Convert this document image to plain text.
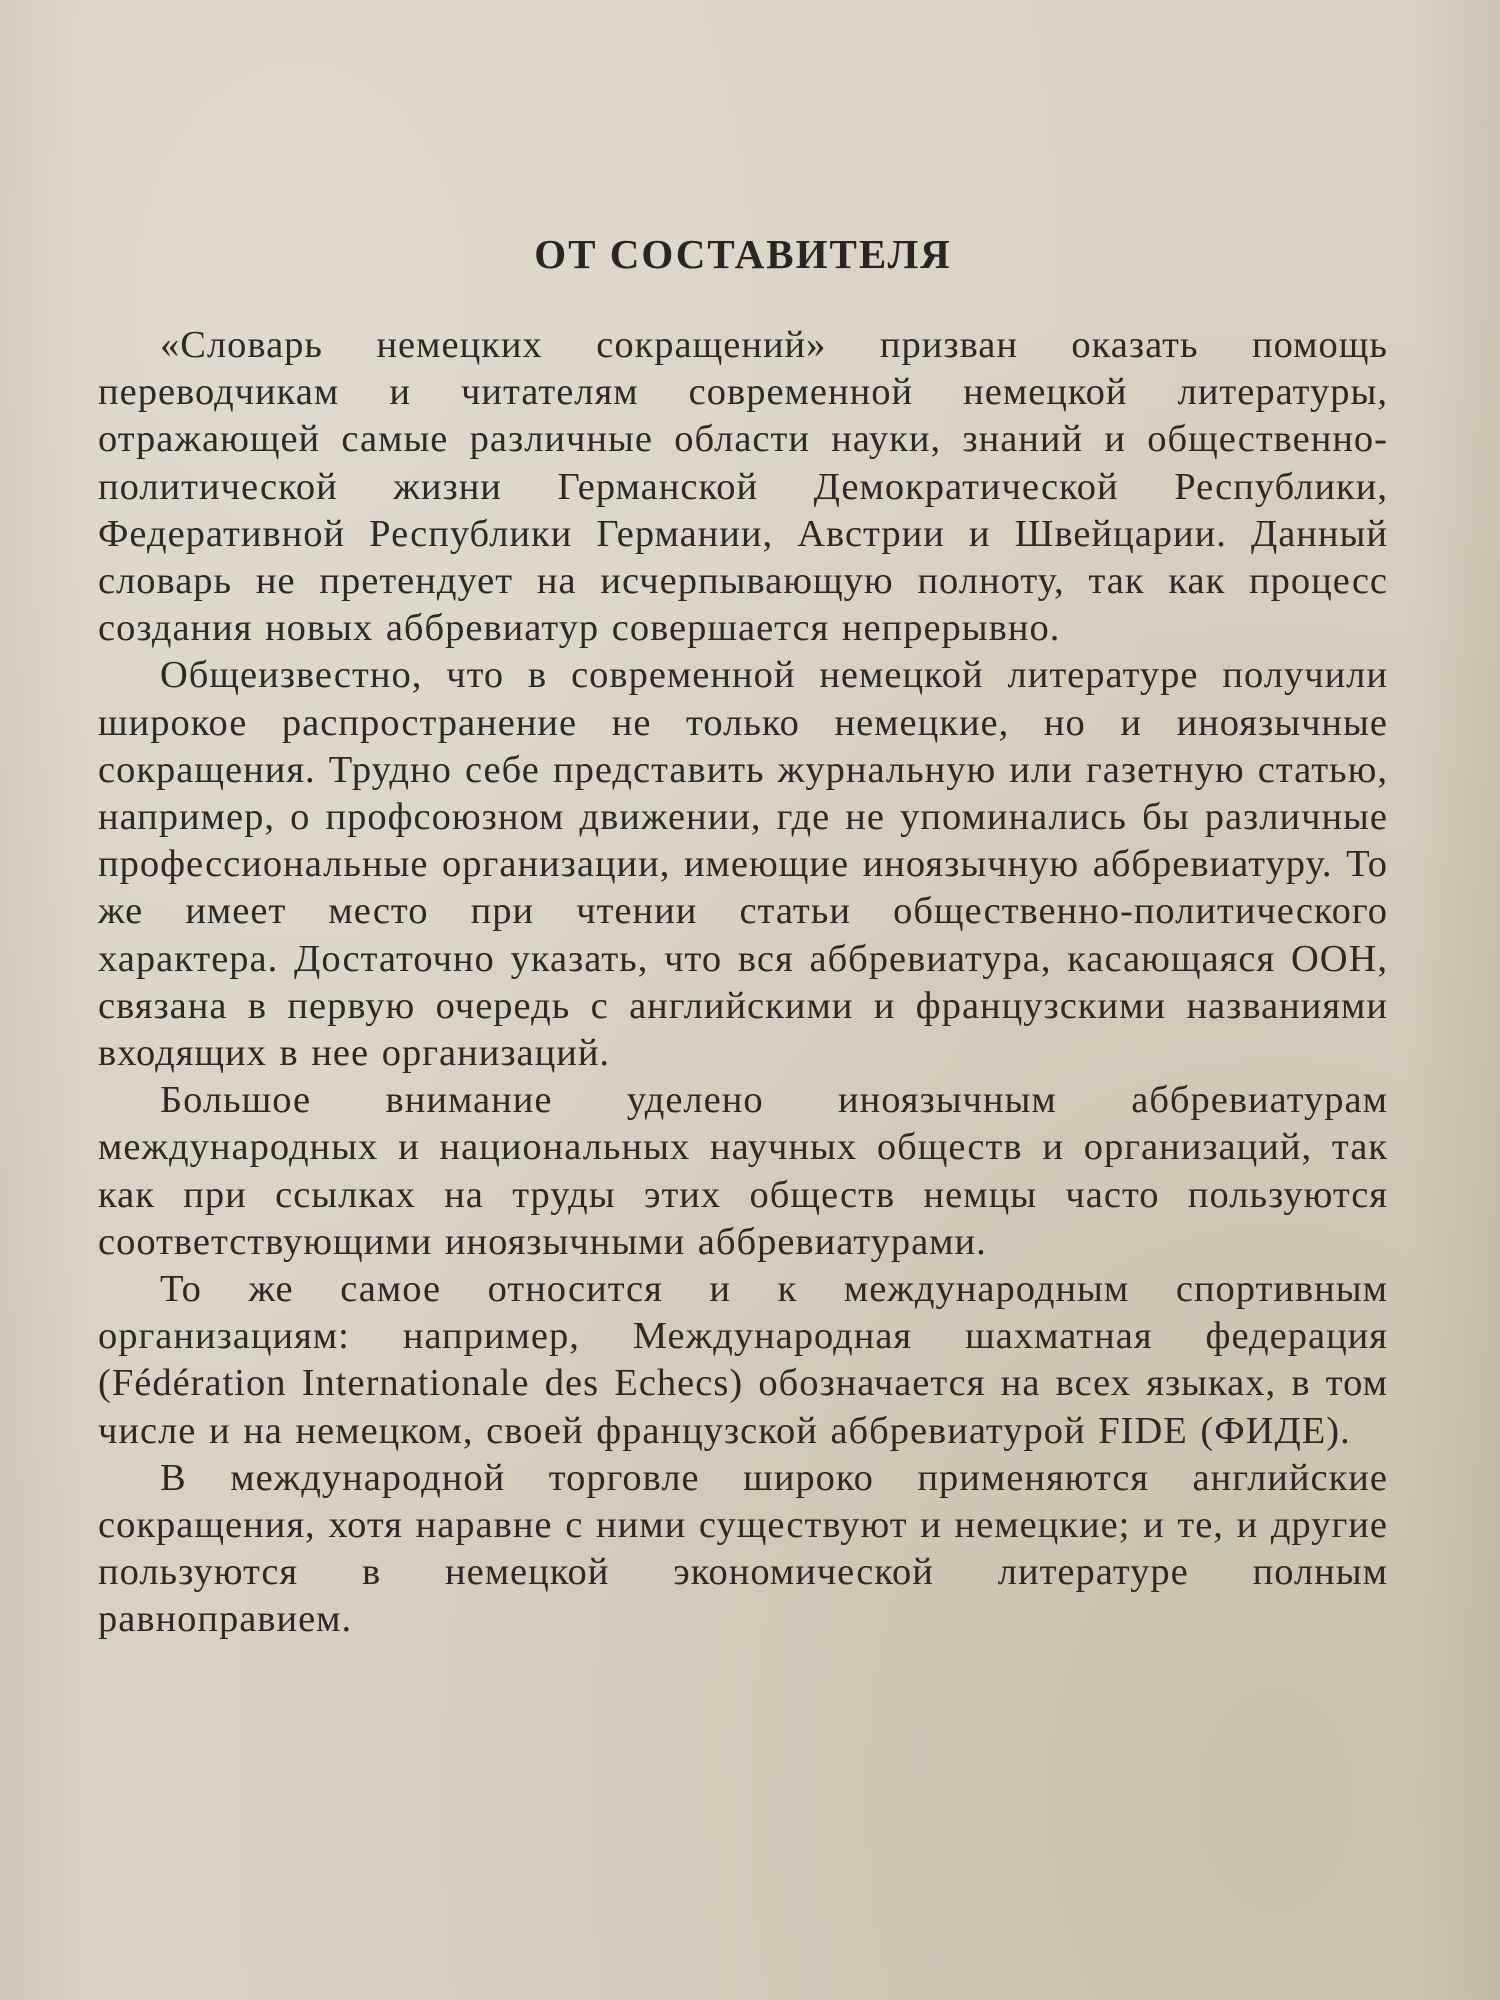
ОТ СОСТАВИТЕЛЯ

«Словарь немецких сокращений» призван оказать помощь переводчикам и читателям современной немецкой литературы, отражающей самые различные области науки, знаний и общественно-политической жизни Германской Демократической Республики, Федеративной Республики Германии, Австрии и Швейцарии. Данный словарь не претендует на исчерпывающую полноту, так как процесс создания новых аббревиатур совершается непрерывно.

Общеизвестно, что в современной немецкой литературе получили широкое распространение не только немецкие, но и иноязычные сокращения. Трудно себе представить журнальную или газетную статью, например, о профсоюзном движении, где не упоминались бы различные профессиональные организации, имеющие иноязычную аббревиатуру. То же имеет место при чтении статьи общественно-политического характера. Достаточно указать, что вся аббревиатура, касающаяся ООН, связана в первую очередь с английскими и французскими названиями входящих в нее организаций.

Большое внимание уделено иноязычным аббревиатурам международных и национальных научных обществ и организаций, так как при ссылках на труды этих обществ немцы часто пользуются соответствующими иноязычными аббревиатурами.

То же самое относится и к международным спортивным организациям: например, Международная шахматная федерация (Fédération Internationale des Echecs) обозначается на всех языках, в том числе и на немецком, своей французской аббревиатурой FIDE (ФИДЕ).

В международной торговле широко применяются английские сокращения, хотя наравне с ними существуют и немецкие; и те, и другие пользуются в немецкой экономической литературе полным равноправием.
